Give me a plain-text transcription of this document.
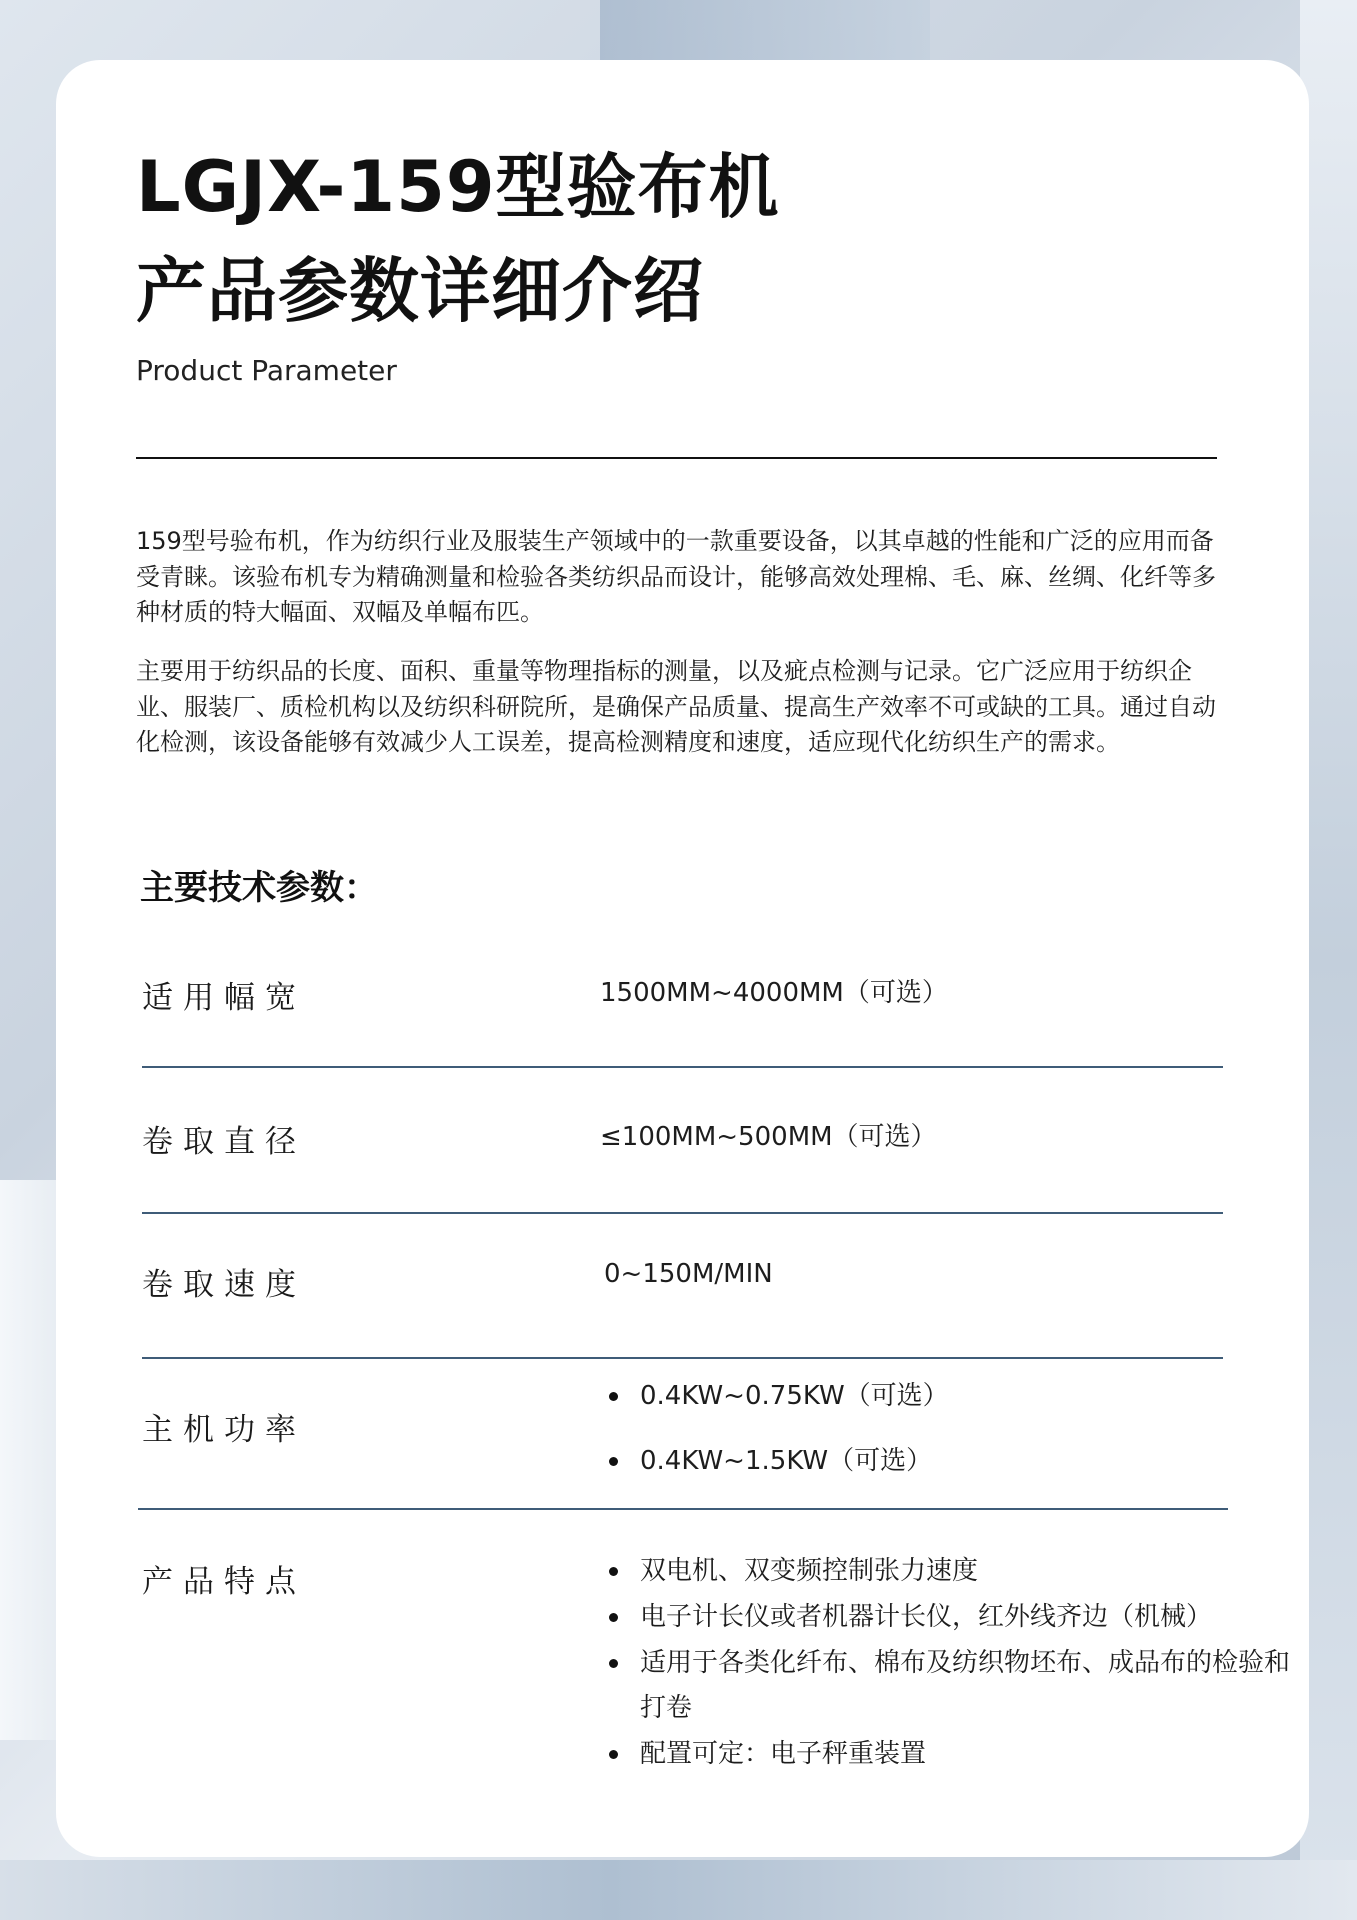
LGJX-159型验布机
产品参数详细介绍
Product Parameter

159型号验布机，作为纺织行业及服装生产领域中的一款重要设备，以其卓越的性能和广泛的应用而备受青睐。该验布机专为精确测量和检验各类纺织品而设计，能够高效处理棉、毛、麻、丝绸、化纤等多种材质的特大幅面、双幅及单幅布匹。

主要用于纺织品的长度、面积、重量等物理指标的测量，以及疵点检测与记录。它广泛应用于纺织企业、服装厂、质检机构以及纺织科研院所，是确保产品质量、提高生产效率不可或缺的工具。通过自动化检测，该设备能够有效减少人工误差，提高检测精度和速度，适应现代化纺织生产的需求。

主要技术参数：
适用幅宽	1500MM~4000MM（可选）
卷取直径	≤100MM~500MM（可选）
卷取速度	0~150M/MIN
主机功率
0.4KW~0.75KW（可选）
0.4KW~1.5KW（可选）
产品特点	双电机、双变频控制张力速度
电子计长仪或者机器计长仪，红外线齐边（机械）
适用于各类化纤布、棉布及纺织物坯布、成品布的检验和打卷
配置可定：电子秤重装置
